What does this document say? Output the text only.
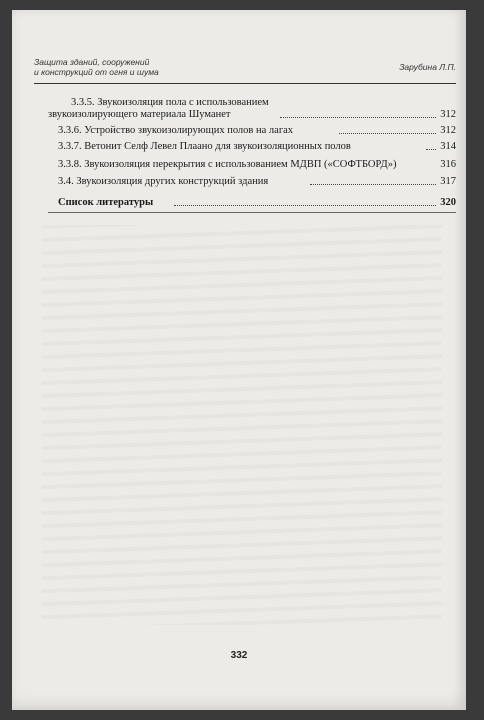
Защита зданий, сооружений
и конструкций от огня и шума	Зарубина Л.П.
3.3.5. Звукоизоляция пола с использованием
звукоизолирующего материала Шуманет	312
3.3.6. Устройство звукоизолирующих полов на лагах	312
3.3.7. Ветонит Селф Левел Плаано для звукоизоляционных полов	314
3.3.8. Звукоизоляция перекрытия с использованием МДВП («СОФТБОРД»)	316
3.4. Звукоизоляция других конструкций здания	317
Список литературы	320
332
